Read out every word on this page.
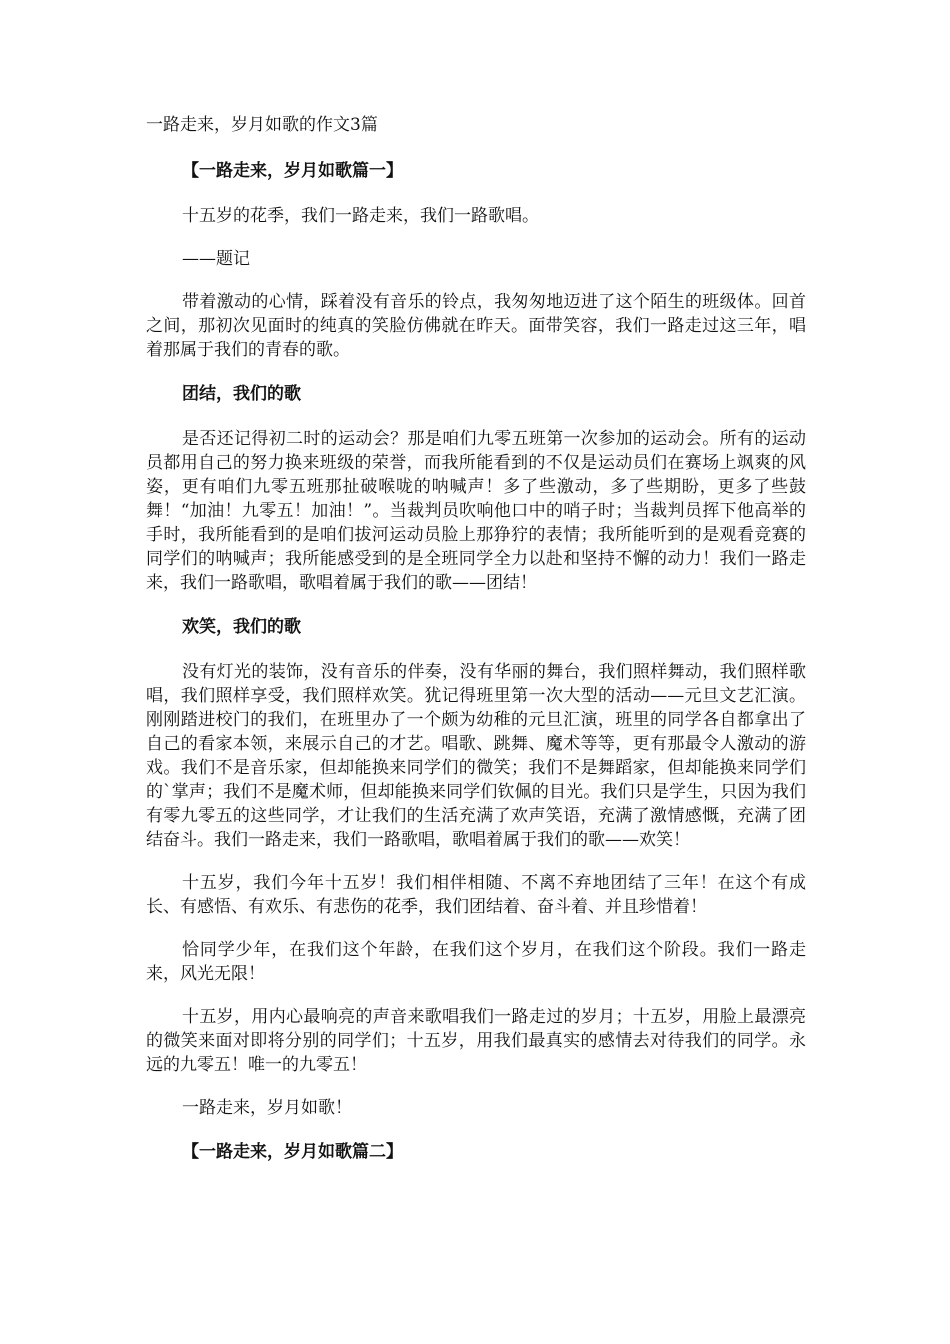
一路走来，岁月如歌的作文3篇
【一路走来，岁月如歌篇一】

十五岁的花季，我们一路走来，我们一路歌唱。

——题记

带着激动的心情，踩着没有音乐的铃点，我匆匆地迈进了这个陌生的班级体。回首之间，那初次见面时的纯真的笑脸仿佛就在昨天。面带笑容，我们一路走过这三年，唱着那属于我们的青春的歌。

团结，我们的歌

是否还记得初二时的运动会？那是咱们九零五班第一次参加的运动会。所有的运动员都用自己的努力换来班级的荣誉，而我所能看到的不仅是运动员们在赛场上飒爽的风姿，更有咱们九零五班那扯破喉咙的呐喊声！多了些激动，多了些期盼，更多了些鼓舞！“加油！九零五！加油！”。当裁判员吹响他口中的哨子时；当裁判员挥下他高举的手时，我所能看到的是咱们拔河运动员脸上那狰狞的表情；我所能听到的是观看竞赛的同学们的呐喊声；我所能感受到的是全班同学全力以赴和坚持不懈的动力！我们一路走来，我们一路歌唱，歌唱着属于我们的歌——团结！

欢笑，我们的歌

没有灯光的装饰，没有音乐的伴奏，没有华丽的舞台，我们照样舞动，我们照样歌唱，我们照样享受，我们照样欢笑。犹记得班里第一次大型的活动——元旦文艺汇演。刚刚踏进校门的我们，在班里办了一个颇为幼稚的元旦汇演，班里的同学各自都拿出了自己的看家本领，来展示自己的才艺。唱歌、跳舞、魔术等等，更有那最令人激动的游戏。我们不是音乐家，但却能换来同学们的微笑；我们不是舞蹈家，但却能换来同学们的`掌声；我们不是魔术师，但却能换来同学们钦佩的目光。我们只是学生，只因为我们有零九零五的这些同学，才让我们的生活充满了欢声笑语，充满了激情感慨，充满了团结奋斗。我们一路走来，我们一路歌唱，歌唱着属于我们的歌——欢笑！

十五岁，我们今年十五岁！我们相伴相随、不离不弃地团结了三年！在这个有成长、有感悟、有欢乐、有悲伤的花季，我们团结着、奋斗着、并且珍惜着！

恰同学少年，在我们这个年龄，在我们这个岁月，在我们这个阶段。我们一路走来，风光无限！

十五岁，用内心最响亮的声音来歌唱我们一路走过的岁月；十五岁，用脸上最漂亮的微笑来面对即将分别的同学们；十五岁，用我们最真实的感情去对待我们的同学。永远的九零五！唯一的九零五！

一路走来，岁月如歌！

【一路走来，岁月如歌篇二】
